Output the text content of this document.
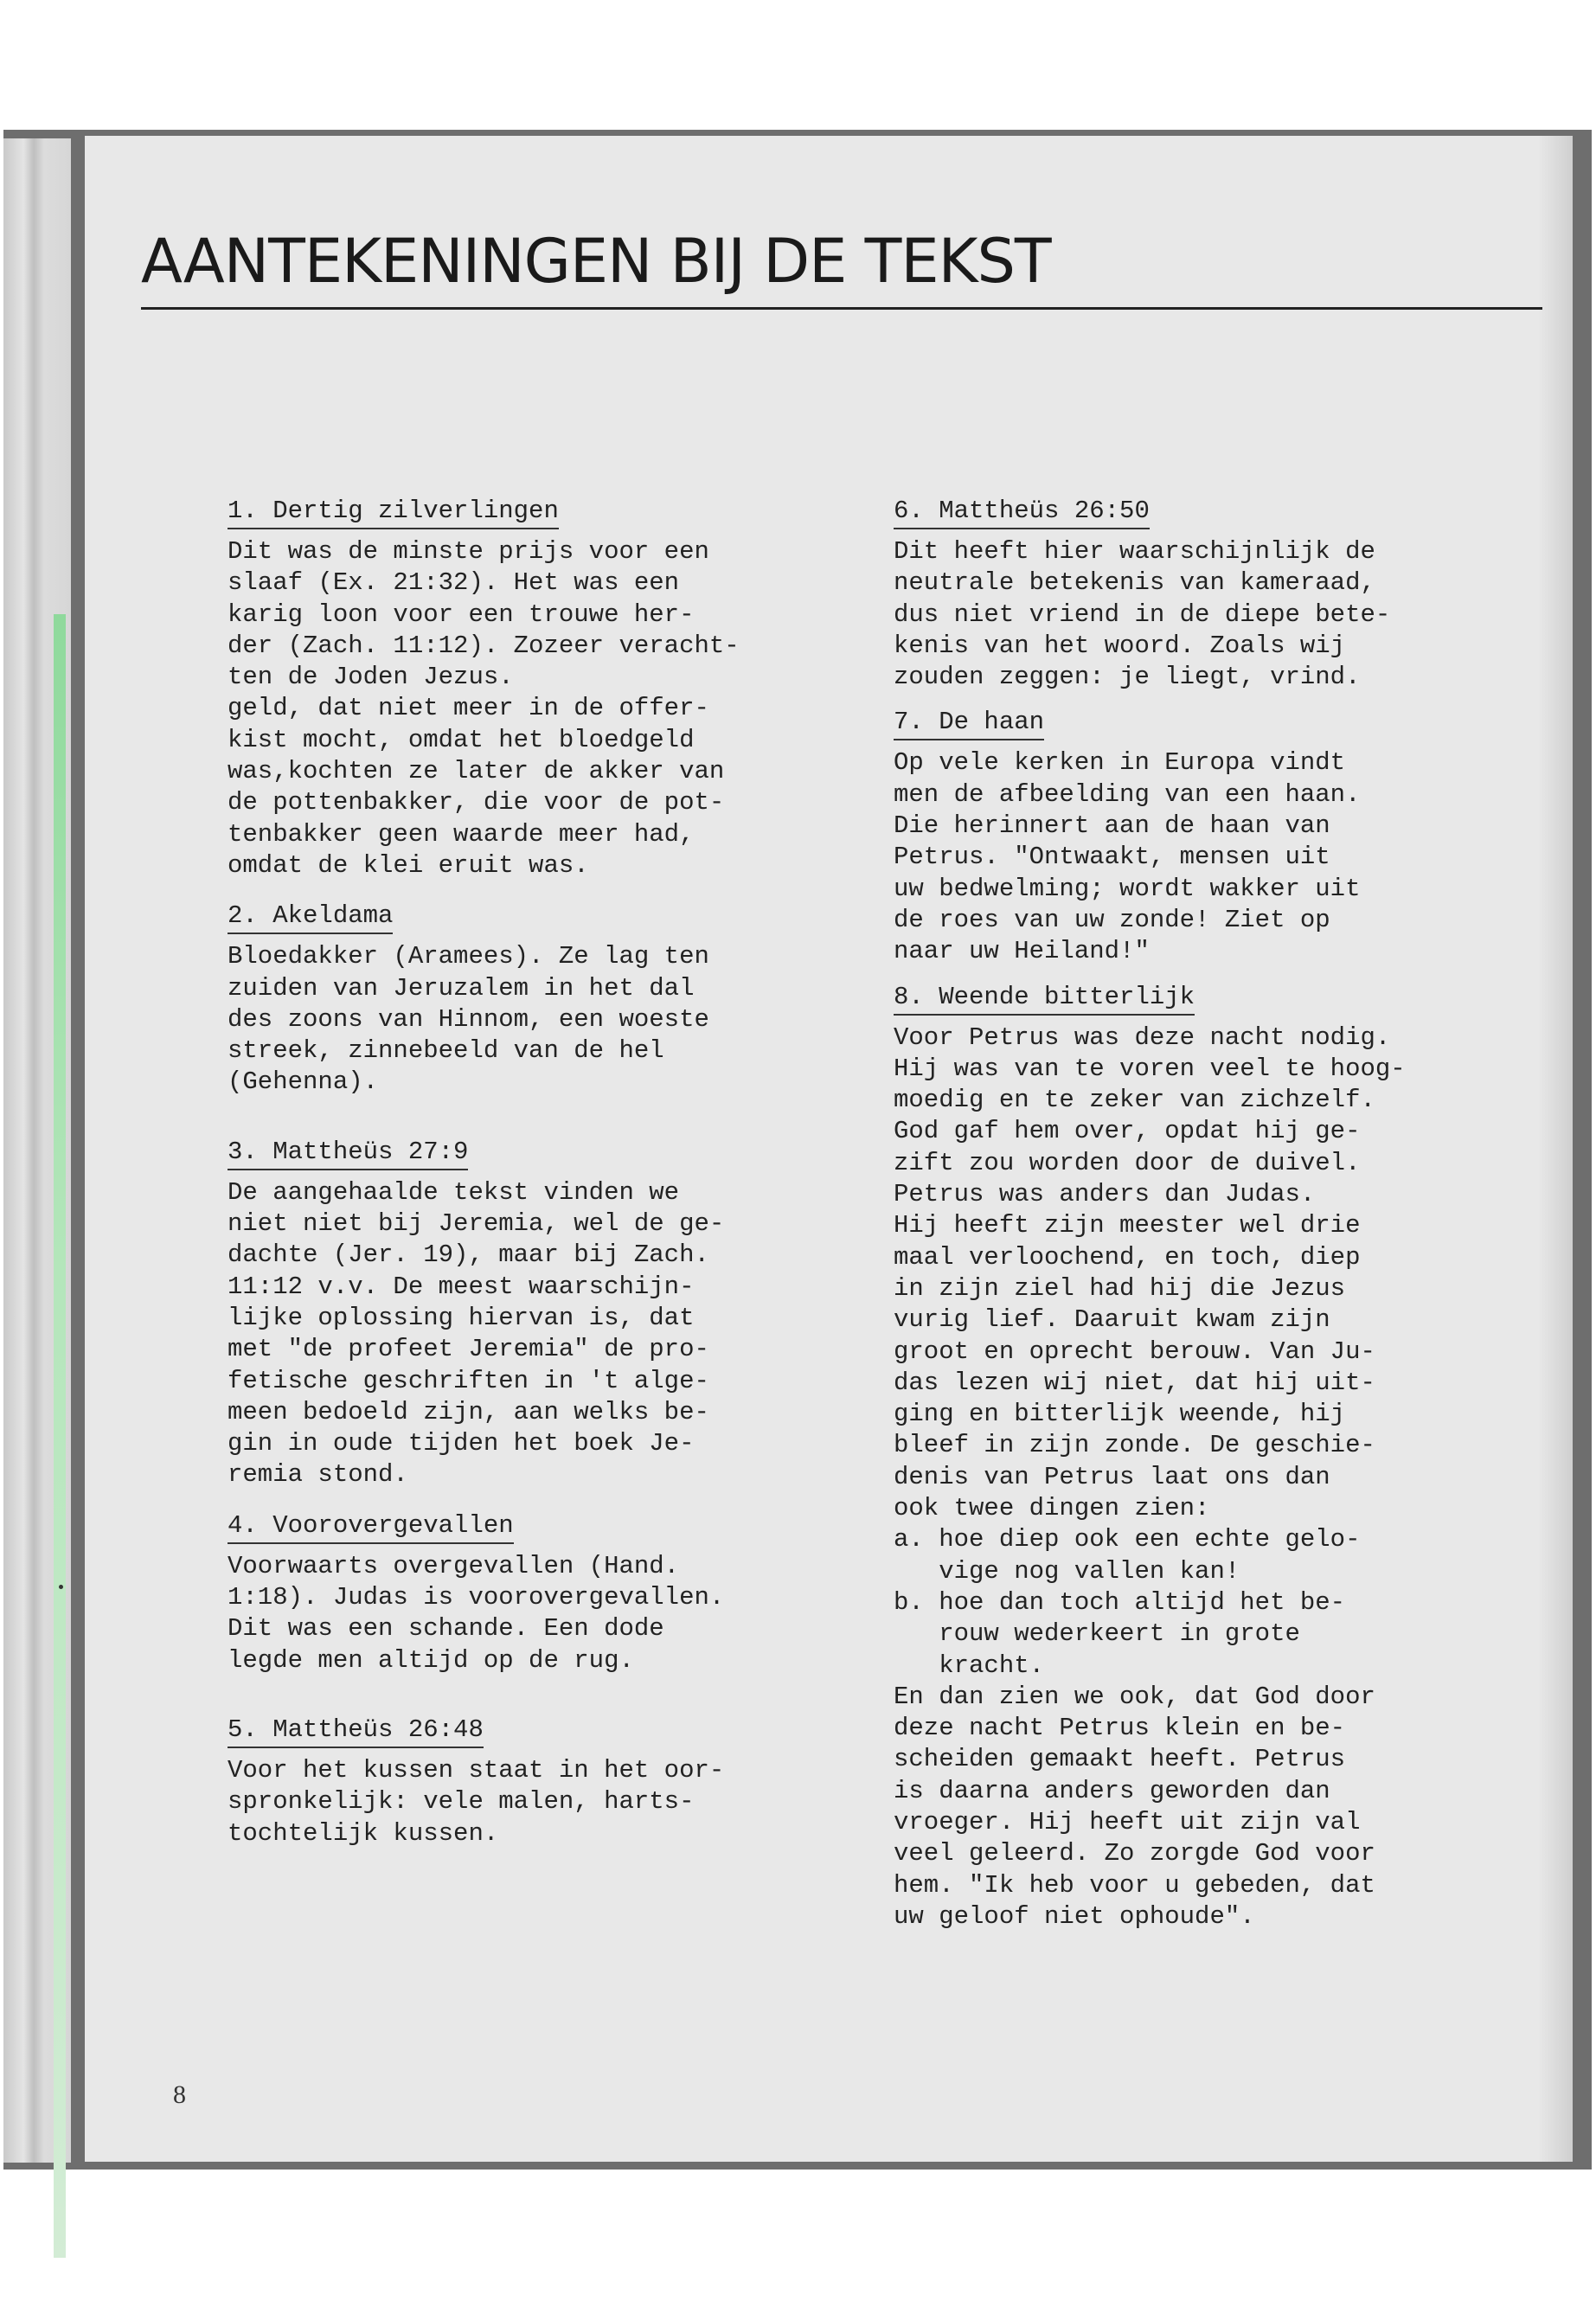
AANTEKENINGEN BIJ DE TEKST
1. Dertig zilverlingen
Dit was de minste prijs voor een
slaaf (Ex. 21:32). Het was een
karig loon voor een trouwe her-
der (Zach. 11:12). Zozeer veracht-
ten de Joden Jezus.
geld, dat niet meer in de offer-
kist mocht, omdat het bloedgeld
was,kochten ze later de akker van
de pottenbakker, die voor de pot-
tenbakker geen waarde meer had,
omdat de klei eruit was.
2. Akeldama
Bloedakker (Aramees). Ze lag ten
zuiden van Jeruzalem in het dal
des zoons van Hinnom, een woeste
streek, zinnebeeld van de hel
(Gehenna).
3. Mattheüs 27:9
De aangehaalde tekst vinden we
niet niet bij Jeremia, wel de ge-
dachte (Jer. 19), maar bij Zach.
11:12 v.v. De meest waarschijn-
lijke oplossing hiervan is, dat
met "de profeet Jeremia" de pro-
fetische geschriften in 't alge-
meen bedoeld zijn, aan welks be-
gin in oude tijden het boek Je-
remia stond.
4. Voorovergevallen
Voorwaarts overgevallen (Hand.
1:18). Judas is voorovergevallen.
Dit was een schande. Een dode
legde men altijd op de rug.
5. Mattheüs 26:48
Voor het kussen staat in het oor-
spronkelijk: vele malen, harts-
tochtelijk kussen.
6. Mattheüs 26:50
Dit heeft hier waarschijnlijk de
neutrale betekenis van kameraad,
dus niet vriend in de diepe bete-
kenis van het woord. Zoals wij
zouden zeggen: je liegt, vrind.
7. De haan
Op vele kerken in Europa vindt
men de afbeelding van een haan.
Die herinnert aan de haan van
Petrus. "Ontwaakt, mensen uit
uw bedwelming; wordt wakker uit
de roes van uw zonde! Ziet op
naar uw Heiland!"
8. Weende bitterlijk
Voor Petrus was deze nacht nodig.
Hij was van te voren veel te hoog-
moedig en te zeker van zichzelf.
God gaf hem over, opdat hij ge-
zift zou worden door de duivel.
Petrus was anders dan Judas.
Hij heeft zijn meester wel drie
maal verloochend, en toch, diep
in zijn ziel had hij die Jezus
vurig lief. Daaruit kwam zijn
groot en oprecht berouw. Van Ju-
das lezen wij niet, dat hij uit-
ging en bitterlijk weende, hij
bleef in zijn zonde. De geschie-
denis van Petrus laat ons dan
ook twee dingen zien:
a. hoe diep ook een echte gelo-
vige nog vallen kan!
b. hoe dan toch altijd het be-
rouw wederkeert in grote
kracht.
En dan zien we ook, dat God door
deze nacht Petrus klein en be-
scheiden gemaakt heeft. Petrus
is daarna anders geworden dan
vroeger. Hij heeft uit zijn val
veel geleerd. Zo zorgde God voor
hem. "Ik heb voor u gebeden, dat
uw geloof niet ophoude".
8
